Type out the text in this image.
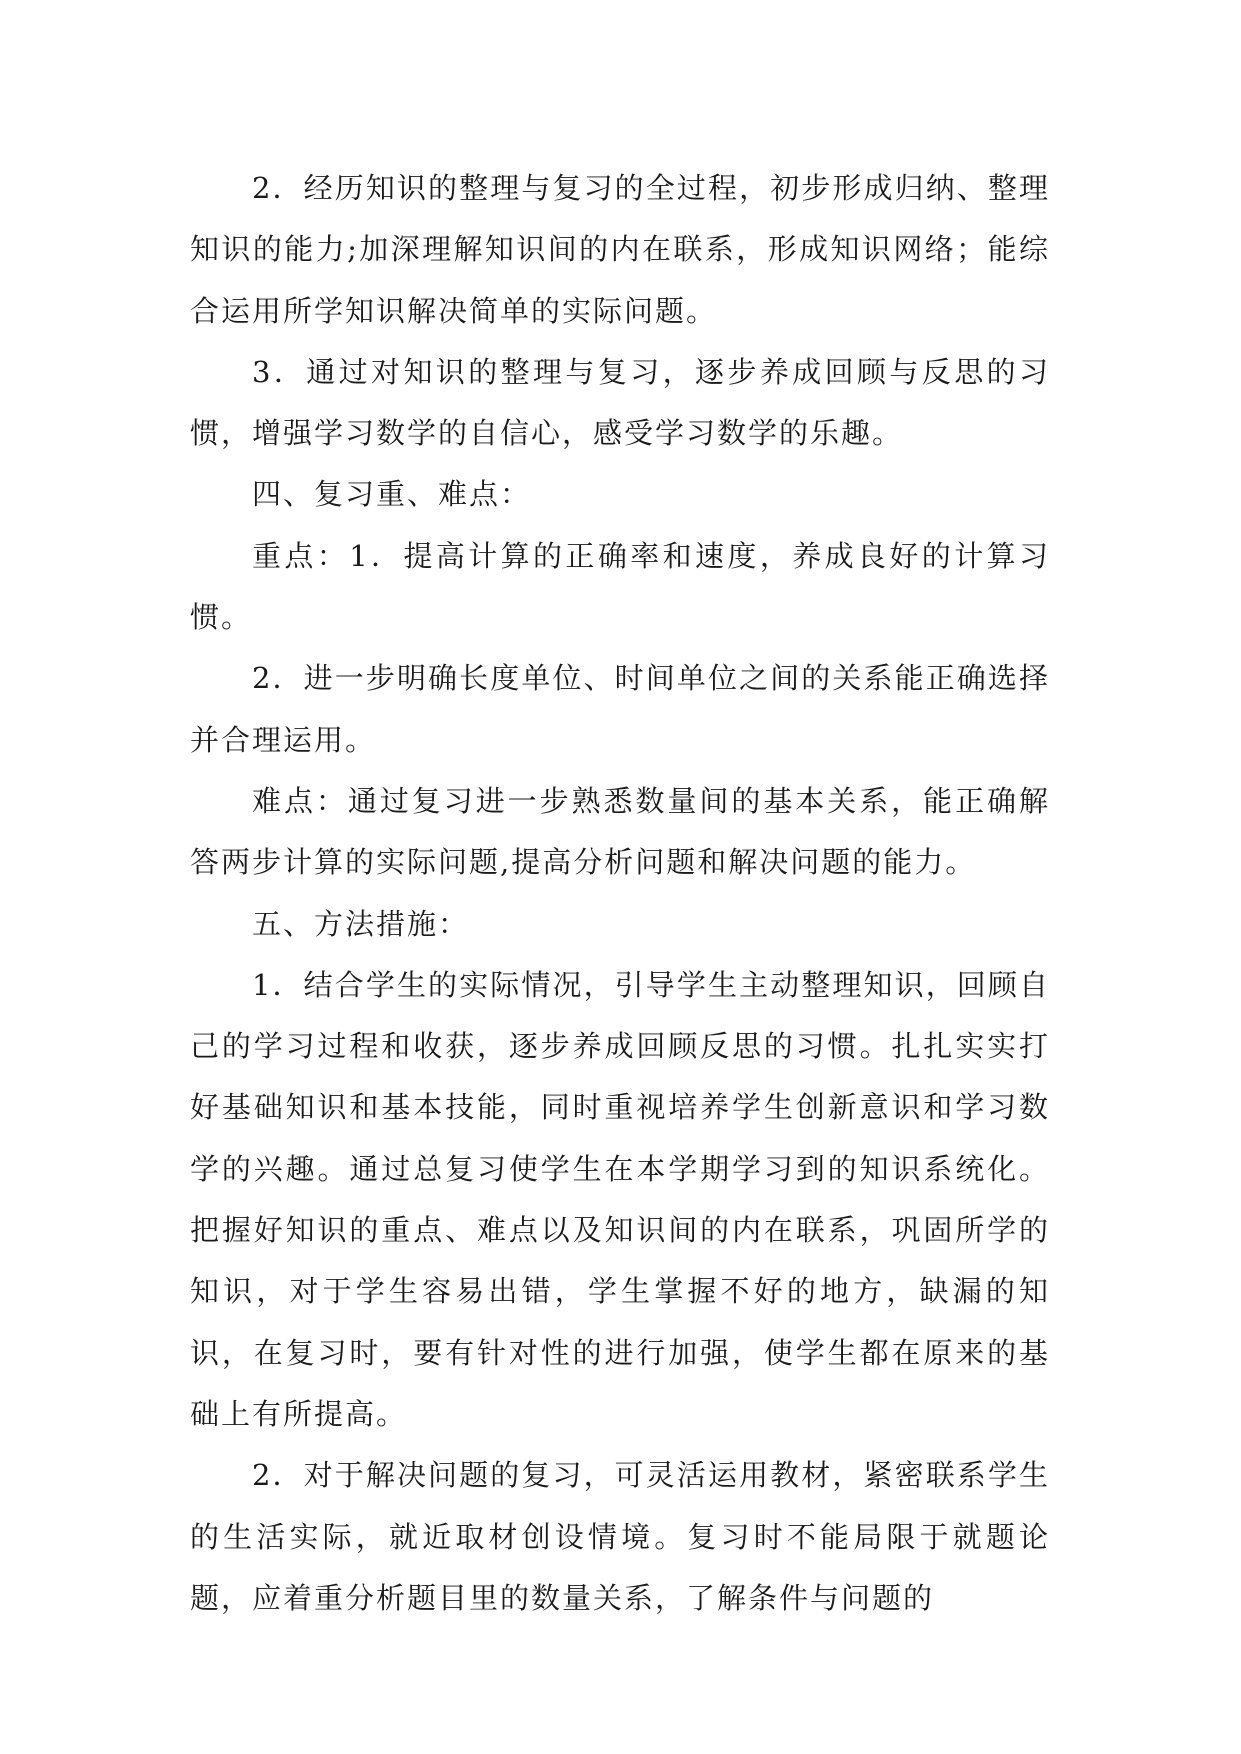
2．经历知识的整理与复习的全过程，初步形成归纳、整理知识的能力;加深理解知识间的内在联系，形成知识网络；能综合运用所学知识解决简单的实际问题。

3．通过对知识的整理与复习，逐步养成回顾与反思的习惯，增强学习数学的自信心，感受学习数学的乐趣。

四、复习重、难点：

重点：1．提高计算的正确率和速度，养成良好的计算习惯。

2．进一步明确长度单位、时间单位之间的关系能正确选择并合理运用。

难点：通过复习进一步熟悉数量间的基本关系，能正确解答两步计算的实际问题,提高分析问题和解决问题的能力。

五、方法措施：

1．结合学生的实际情况，引导学生主动整理知识，回顾自己的学习过程和收获，逐步养成回顾反思的习惯。扎扎实实打好基础知识和基本技能，同时重视培养学生创新意识和学习数学的兴趣。通过总复习使学生在本学期学习到的知识系统化。把握好知识的重点、难点以及知识间的内在联系，巩固所学的知识，对于学生容易出错，学生掌握不好的地方，缺漏的知识，在复习时，要有针对性的进行加强，使学生都在原来的基础上有所提高。

2．对于解决问题的复习，可灵活运用教材，紧密联系学生的生活实际，就近取材创设情境。复习时不能局限于就题论题，应着重分析题目里的数量关系，了解条件与问题的
